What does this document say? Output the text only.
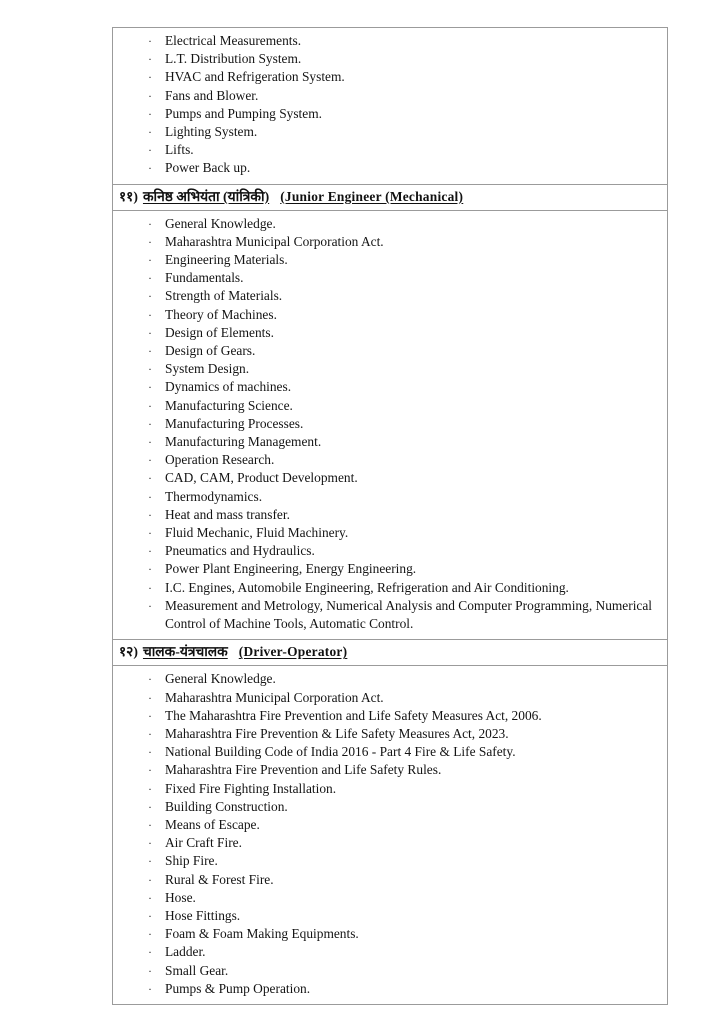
· Electrical Measurements.
· L.T. Distribution System.
· HVAC and Refrigeration System.
· Fans and Blower.
· Pumps and Pumping System.
· Lighting System.
· Lifts.
· Power Back up.

११) कनिष्ठ अभियंता (यांत्रिकी) (Junior Engineer (Mechanical)

· General Knowledge.
· Maharashtra Municipal Corporation Act.
· Engineering Materials.
· Fundamentals.
· Strength of Materials.
· Theory of Machines.
· Design of Elements.
· Design of Gears.
· System Design.
· Dynamics of machines.
· Manufacturing Science.
· Manufacturing Processes.
· Manufacturing Management.
· Operation Research.
· CAD, CAM, Product Development.
· Thermodynamics.
· Heat and mass transfer.
· Fluid Mechanic, Fluid Machinery.
· Pneumatics and Hydraulics.
· Power Plant Engineering, Energy Engineering.
· I.C. Engines, Automobile Engineering, Refrigeration and Air Conditioning.
· Measurement and Metrology, Numerical Analysis and Computer Programming, Numerical Control of Machine Tools, Automatic Control.

१२) चालक-यंत्रचालक (Driver-Operator)

· General Knowledge.
· Maharashtra Municipal Corporation Act.
· The Maharashtra Fire Prevention and Life Safety Measures Act, 2006.
· Maharashtra Fire Prevention & Life Safety Measures Act, 2023.
· National Building Code of India 2016 - Part 4 Fire & Life Safety.
· Maharashtra Fire Prevention and Life Safety Rules.
· Fixed Fire Fighting Installation.
· Building Construction.
· Means of Escape.
· Air Craft Fire.
· Ship Fire.
· Rural & Forest Fire.
· Hose.
· Hose Fittings.
· Foam & Foam Making Equipments.
· Ladder.
· Small Gear.
· Pumps & Pump Operation.
